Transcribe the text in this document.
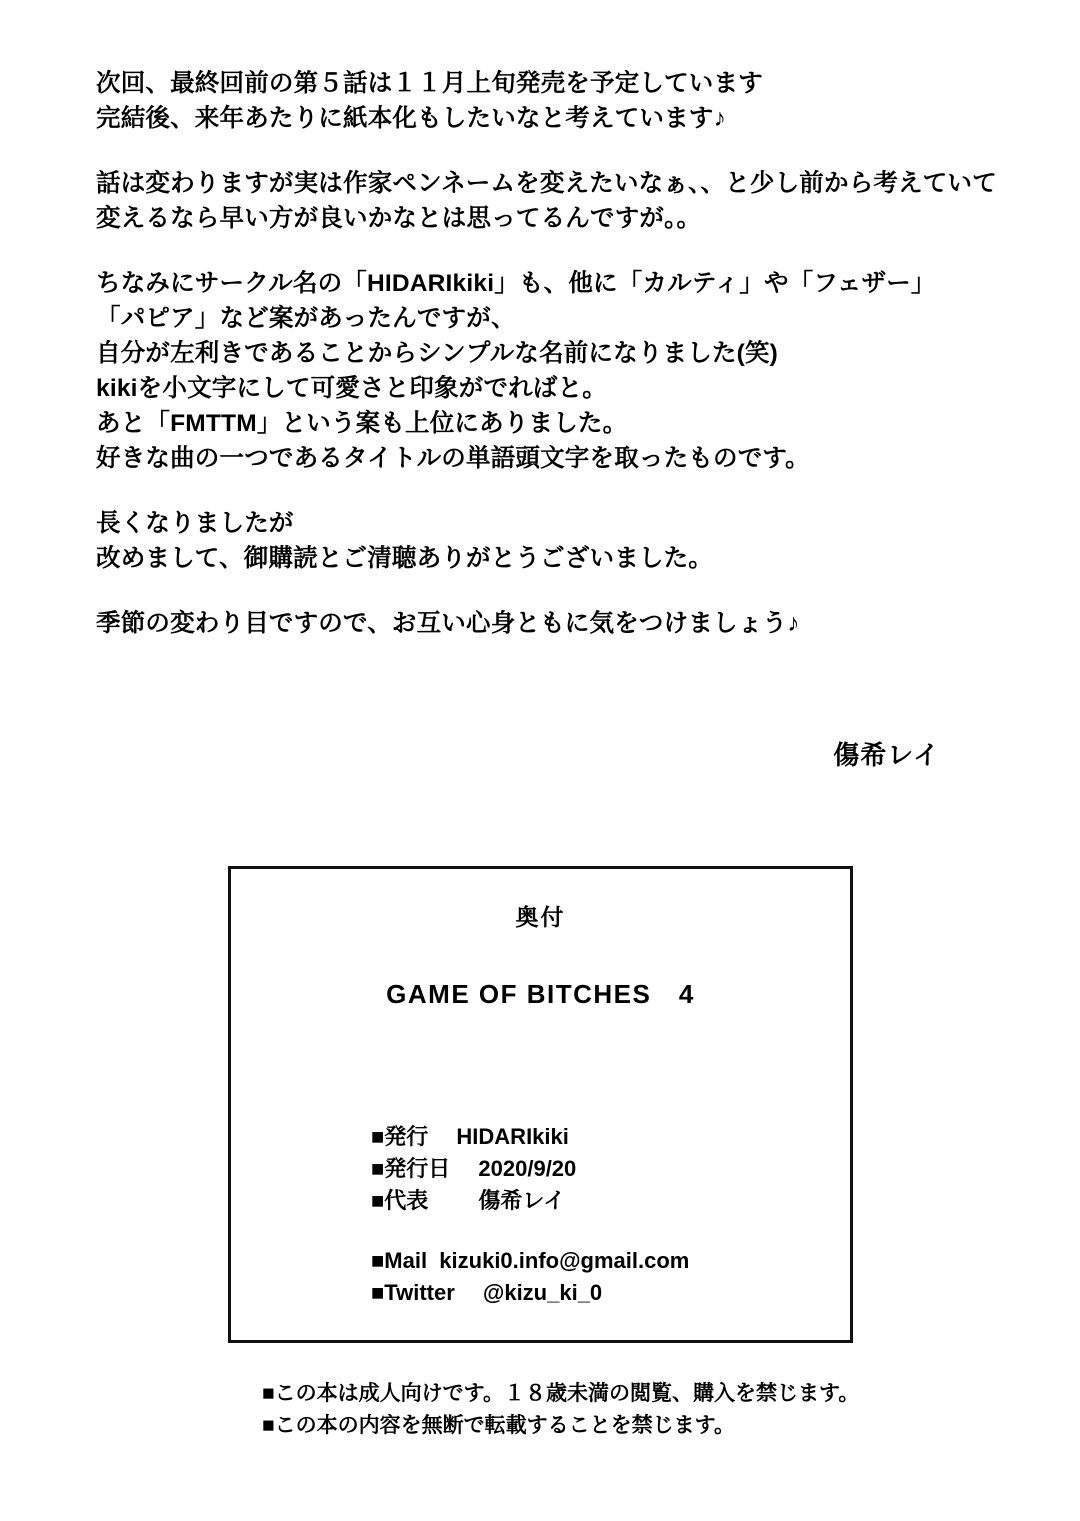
次回、最終回前の第５話は１１月上旬発売を予定しています
完結後、来年あたりに紙本化もしたいなと考えています♪
話は変わりますが実は作家ペンネームを変えたいなぁ、、と少し前から考えていて
変えるなら早い方が良いかなとは思ってるんですが。。
ちなみにサークル名の「HIDARIkiki」も、他に「カルティ」や「フェザー」
「パピア」など案があったんですが、
自分が左利きであることからシンプルな名前になりました(笑)
kikiを小文字にして可愛さと印象がでればと。
あと「FMTTM」という案も上位にありました。
好きな曲の一つであるタイトルの単語頭文字を取ったものです。
長くなりましたが
改めまして、御購読とご清聴ありがとうございました。
季節の変わり目ですので、お互い心身ともに気をつけましょう♪
傷希レイ
奥付
GAME OF BITCHES　4
■発行　 HIDARIkiki
■発行日　 2020/9/20
■代表　　 傷希レイ
■Mail  kizuki0.info@gmail.com
■Twitter　 @kizu_ki_0
■この本は成人向けです。１８歳未満の閲覧、購入を禁じます。
■この本の内容を無断で転載することを禁じます。
